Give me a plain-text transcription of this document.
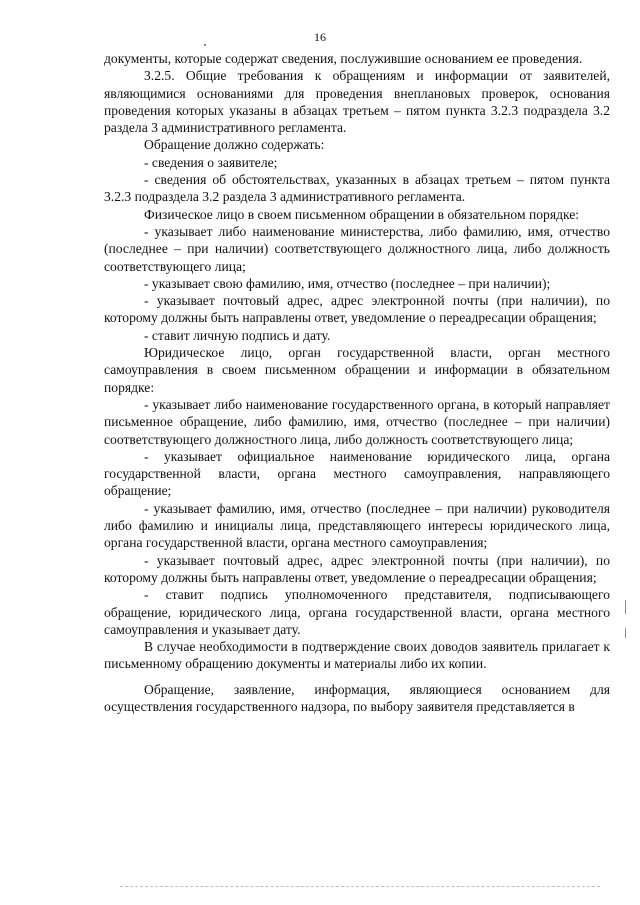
16

документы, которые содержат сведения, послужившие основанием ее проведения.

3.2.5. Общие требования к обращениям и информации от заявителей, являющимися основаниями для проведения внеплановых проверок, основания проведения которых указаны в абзацах третьем – пятом пункта 3.2.3 подраздела 3.2 раздела 3 административного регламента.

Обращение должно содержать:

- сведения о заявителе;

- сведения об обстоятельствах, указанных в абзацах третьем – пятом пункта 3.2.3 подраздела 3.2 раздела 3 административного регламента.

Физическое лицо в своем письменном обращении в обязательном порядке:

- указывает либо наименование министерства, либо фамилию, имя, отчество (последнее – при наличии) соответствующего должностного лица, либо должность соответствующего лица;

- указывает свою фамилию, имя, отчество (последнее – при наличии);

- указывает почтовый адрес, адрес электронной почты (при наличии), по которому должны быть направлены ответ, уведомление о переадресации обращения;

- ставит личную подпись и дату.

Юридическое лицо, орган государственной власти, орган местного самоуправления в своем письменном обращении и информации в обязательном порядке:

- указывает либо наименование государственного органа, в который направляет письменное обращение, либо фамилию, имя, отчество (последнее – при наличии) соответствующего должностного лица, либо должность соответствующего лица;

- указывает официальное наименование юридического лица, органа государственной власти, органа местного самоуправления, направляющего обращение;

- указывает фамилию, имя, отчество (последнее – при наличии) руководителя либо фамилию и инициалы лица, представляющего интересы юридического лица, органа государственной власти, органа местного самоуправления;

- указывает почтовый адрес, адрес электронной почты (при наличии), по которому должны быть направлены ответ, уведомление о переадресации обращения;

- ставит подпись уполномоченного представителя, подписывающего обращение, юридического лица, органа государственной власти, органа местного самоуправления и указывает дату.

В случае необходимости в подтверждение своих доводов заявитель прилагает к письменному обращению документы и материалы либо их копии.

Обращение, заявление, информация, являющиеся основанием для осуществления государственного надзора, по выбору заявителя представляется в
